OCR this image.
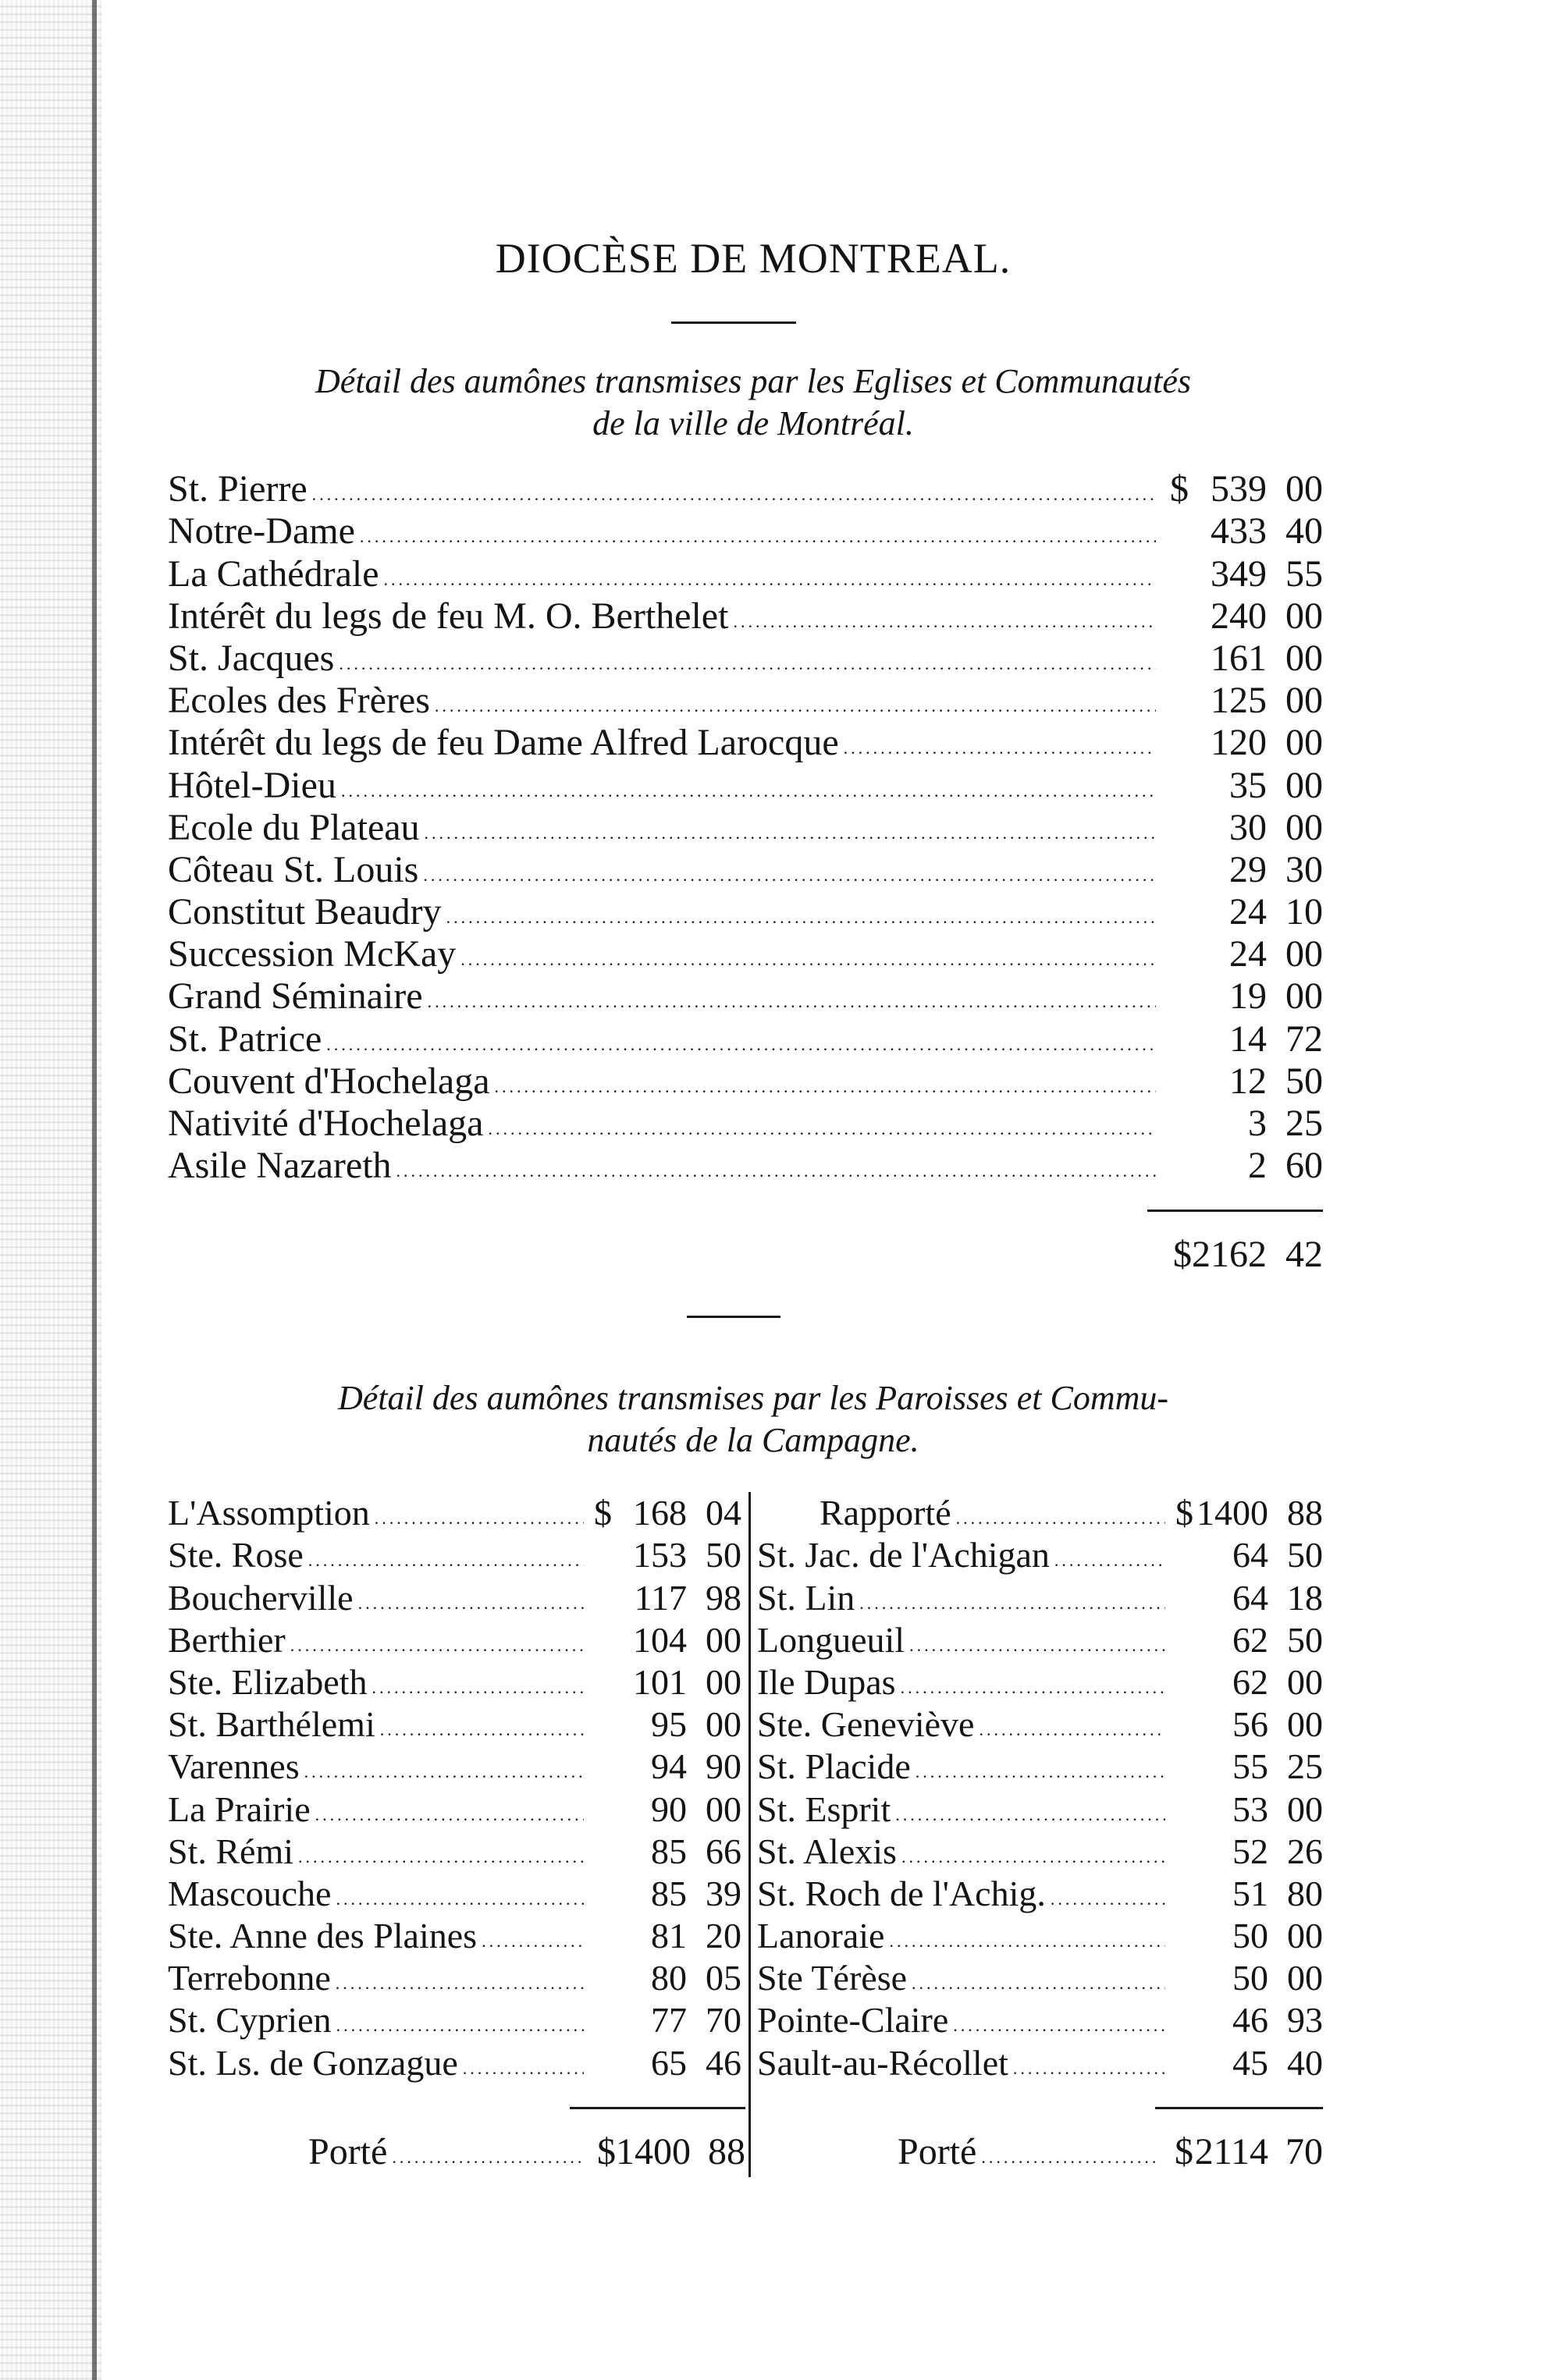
DIOCÈSE DE MONTREAL.
Détail des aumônes transmises par les Eglises et Communautés
de la ville de Montréal.
St. Pierre .....	$ 539 00
Notre-Dame .....	433 40
La Cathédrale .....	349 55
Intérêt du legs de feu M. O. Berthelet .....	240 00
St. Jacques .....	161 00
Ecoles des Frères .....	125 00
Intérêt du legs de feu Dame Alfred Larocque .....	120 00
Hôtel-Dieu .....	35 00
Ecole du Plateau .....	30 00
Côteau St. Louis .....	29 30
Constitut Beaudry .....	24 10
Succession McKay .....	24 00
Grand Séminaire .....	19 00
St. Patrice .....	14 72
Couvent d'Hochelaga .....	12 50
Nativité d'Hochelaga .....	3 25
Asile Nazareth .....	2 60
$2162 42
Détail des aumônes transmises par les Paroisses et Commu-
nautés de la Campagne.
L'Assomption .....	$ 168 04
Ste. Rose .....	153 50
Boucherville .....	117 98
Berthier .....	104 00
Ste. Elizabeth .....	101 00
St. Barthélemi .....	95 00
Varennes .....	94 90
La Prairie .....	90 00
St. Rémi .....	85 66
Mascouche .....	85 39
Ste. Anne des Plaines .....	81 20
Terrebonne .....	80 05
St. Cyprien .....	77 70
St. Ls. de Gonzague .....	65 46
Rapporté .....	$ 1400 88
St. Jac. de l'Achigan .....	64 50
St. Lin .....	64 18
Longueuil .....	62 50
Ile Dupas .....	62 00
Ste. Geneviève .....	56 00
St. Placide .....	55 25
St. Esprit .....	53 00
St. Alexis .....	52 26
St. Roch de l'Achig. .....	51 80
Lanoraie .....	50 00
Ste Térèse .....	50 00
Pointe-Claire .....	46 93
Sault-au-Récollet .....	45 40
Porté .....	$ 1400 88	Porté .....	$ 2114 70
